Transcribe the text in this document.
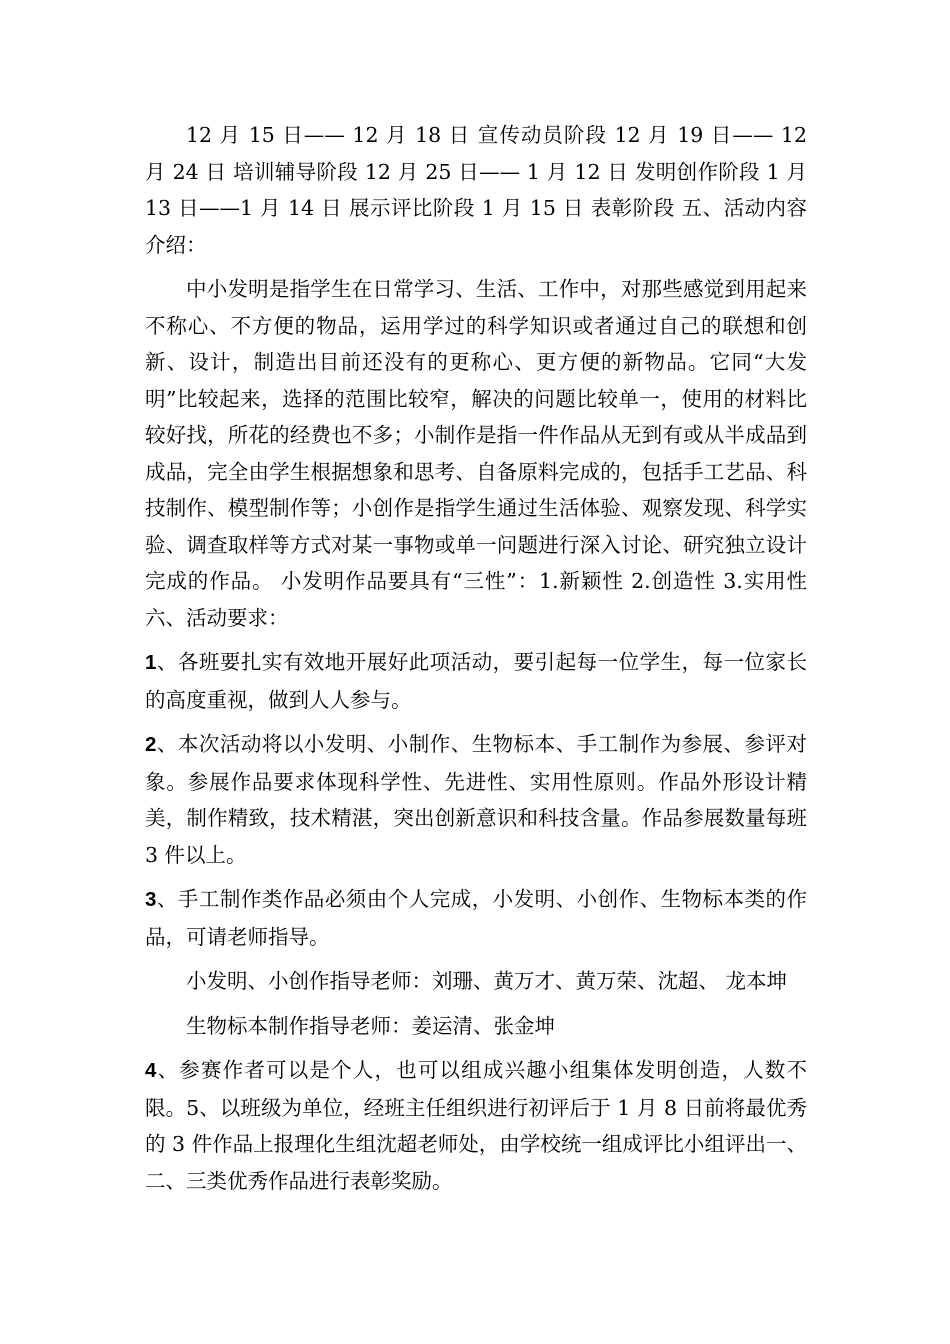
12 月 15 日—— 12 月 18 日 宣传动员阶段 12 月 19 日—— 12 月 24 日 培训辅导阶段 12 月 25 日—— 1 月 12 日 发明创作阶段 1 月 13 日——1 月 14 日 展示评比阶段 1 月 15 日 表彰阶段 五、活动内容介绍：

中小发明是指学生在日常学习、生活、工作中，对那些感觉到用起来不称心、不方便的物品，运用学过的科学知识或者通过自己的联想和创新、设计，制造出目前还没有的更称心、更方便的新物品。它同“大发明”比较起来，选择的范围比较窄，解决的问题比较单一，使用的材料比较好找，所花的经费也不多；小制作是指一件作品从无到有或从半成品到成品，完全由学生根据想象和思考、自备原料完成的，包括手工艺品、科技制作、模型制作等；小创作是指学生通过生活体验、观察发现、科学实验、调查取样等方式对某一事物或单一问题进行深入讨论、研究独立设计完成的作品。 小发明作品要具有“三性”：1.新颖性 2.创造性 3.实用性 六、活动要求：

1、各班要扎实有效地开展好此项活动，要引起每一位学生，每一位家长的高度重视，做到人人参与。

2、本次活动将以小发明、小制作、生物标本、手工制作为参展、参评对象。参展作品要求体现科学性、先进性、实用性原则。作品外形设计精美，制作精致，技术精湛，突出创新意识和科技含量。作品参展数量每班 3 件以上。

3、手工制作类作品必须由个人完成，小发明、小创作、生物标本类的作品，可请老师指导。

小发明、小创作指导老师：刘珊、黄万才、黄万荣、沈超、 龙本坤

生物标本制作指导老师：姜运清、张金坤

4、参赛作者可以是个人，也可以组成兴趣小组集体发明创造，人数不限。5、以班级为单位，经班主任组织进行初评后于 1 月 8 日前将最优秀的 3 件作品上报理化生组沈超老师处，由学校统一组成评比小组评出一、二、三类优秀作品进行表彰奖励。
